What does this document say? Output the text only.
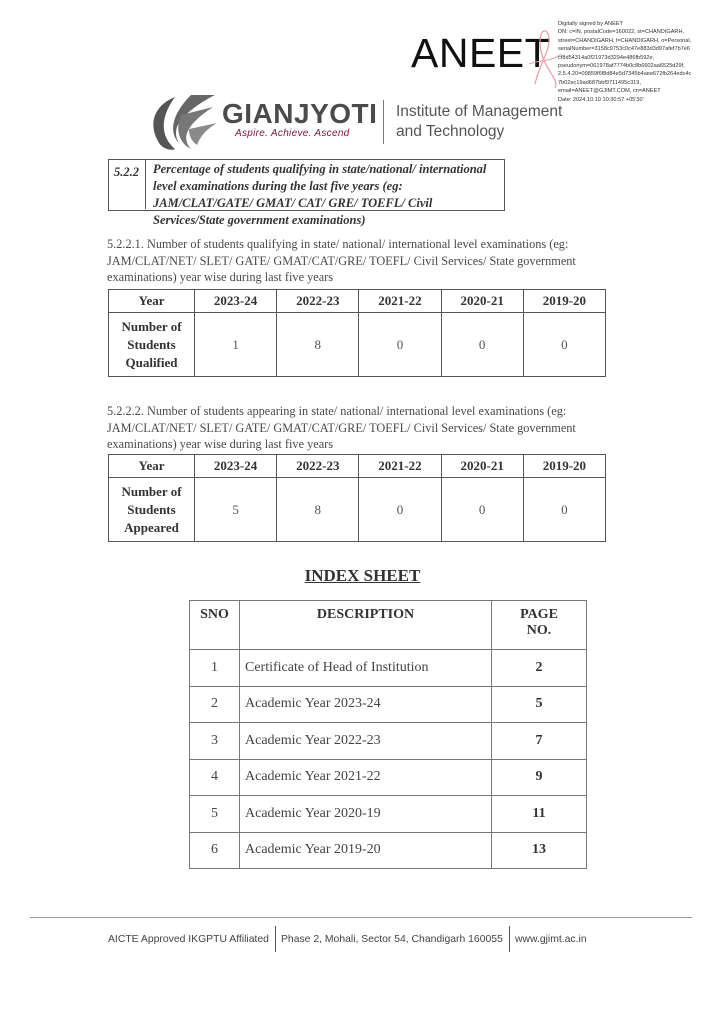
ANEET
Digitally signed by ANEET
DN: c=IN, postalCode=160022, st=CHANDIGARH,
street=CHANDIGARH, l=CHANDIGARH, o=Personal,
serialNumber=3158c9753c0c47e883d3d97afef7b7e6
cf8d54314a0f21973d3294e486fb592e,
pseudonym=061978af7774b0c8b6602aa6525d29f,
2.5.4.20=09859f6f8d84e5d7345b4aee672fb264edc4c
7b02ec19ad687bbf9711495c319,
email=ANEET@GJIMT.COM, cn=ANEET
Date: 2024.10.10 10:30:57 +05'30'
GIANJYOTI
Aspire. Achieve. Ascend
Institute of Management
and Technology
5.2.2	Percentage of students qualifying in state/national/ international level examinations during the last five years (eg: JAM/CLAT/GATE/ GMAT/ CAT/ GRE/ TOEFL/ Civil Services/State government examinations)
5.2.2.1. Number of students qualifying in state/ national/ international level examinations (eg: JAM/CLAT/NET/ SLET/ GATE/ GMAT/CAT/GRE/ TOEFL/ Civil Services/ State government examinations) year wise during last five years
Year	2023-24	2022-23	2021-22	2020-21	2019-20

Number of
Students
Qualified	1	8	0	0	0
5.2.2.2. Number of students appearing in state/ national/ international level examinations (eg: JAM/CLAT/NET/ SLET/ GATE/ GMAT/CAT/GRE/ TOEFL/ Civil Services/ State government examinations) year wise during last five years
Year	2023-24	2022-23	2021-22	2020-21	2019-20

Number of
Students
Appeared	5	8	0	0	0
INDEX SHEET
SNO	DESCRIPTION	PAGE
NO.

1	Certificate of Head of Institution	2
2	Academic Year 2023-24	5
3	Academic Year 2022-23	7
4	Academic Year 2021-22	9
5	Academic Year 2020-19	11
6	Academic Year 2019-20	13
AICTE Approved IKGPTU Affiliated Phase 2, Mohali, Sector 54, Chandigarh 160055 www.gjimt.ac.in
